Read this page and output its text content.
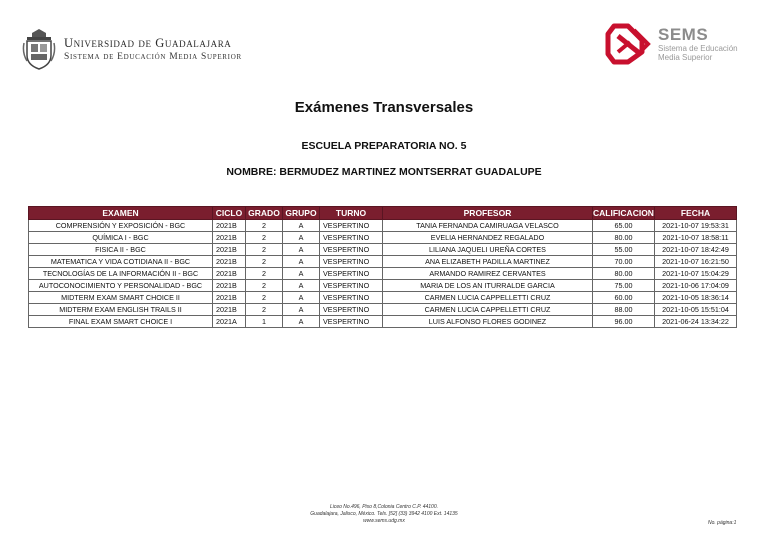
Universidad de Guadalajara
Sistema de Educación Media Superior
SEMS
Sistema de Educación
Media Superior
Exámenes Transversales
ESCUELA PREPARATORIA NO. 5
NOMBRE: BERMUDEZ MARTINEZ MONTSERRAT GUADALUPE
EXAMEN	CICLO	GRADO	GRUPO	TURNO	PROFESOR	CALIFICACION	FECHA
COMPRENSIÓN Y EXPOSICIÓN - BGC	2021B	2	A	VESPERTINO	TANIA FERNANDA CAMIRUAGA VELASCO	65.00	2021-10-07 19:53:31
QUÍMICA I - BGC	2021B	2	A	VESPERTINO	EVELIA HERNANDEZ REGALADO	80.00	2021-10-07 18:58:11
FISICA II - BGC	2021B	2	A	VESPERTINO	LILIANA JAQUELI UREÑA CORTES	55.00	2021-10-07 18:42:49
MATEMATICA Y VIDA COTIDIANA II - BGC	2021B	2	A	VESPERTINO	ANA ELIZABETH PADILLA MARTINEZ	70.00	2021-10-07 16:21:50
TECNOLOGÍAS DE LA INFORMACIÓN II - BGC	2021B	2	A	VESPERTINO	ARMANDO RAMIREZ CERVANTES	80.00	2021-10-07 15:04:29
AUTOCONOCIMIENTO Y PERSONALIDAD - BGC	2021B	2	A	VESPERTINO	MARIA DE LOS AN ITURRALDE GARCIA	75.00	2021-10-06 17:04:09
MIDTERM EXAM SMART CHOICE II	2021B	2	A	VESPERTINO	CARMEN LUCIA CAPPELLETTI CRUZ	60.00	2021-10-05 18:36:14
MIDTERM EXAM ENGLISH TRAILS II	2021B	2	A	VESPERTINO	CARMEN LUCIA CAPPELLETTI CRUZ	88.00	2021-10-05 15:51:04
FINAL EXAM SMART CHOICE I	2021A	1	A	VESPERTINO	LUIS ALFONSO FLORES GODINEZ	96.00	2021-06-24 13:34:22
Liceo No.496, Piso 8,Colonia Centro C.P. 44100.
Guadalajara, Jalisco, México. Tels. [52] (33) 3942 4100 Ext. 14135
www.sems.udg.mx	No. página:1
